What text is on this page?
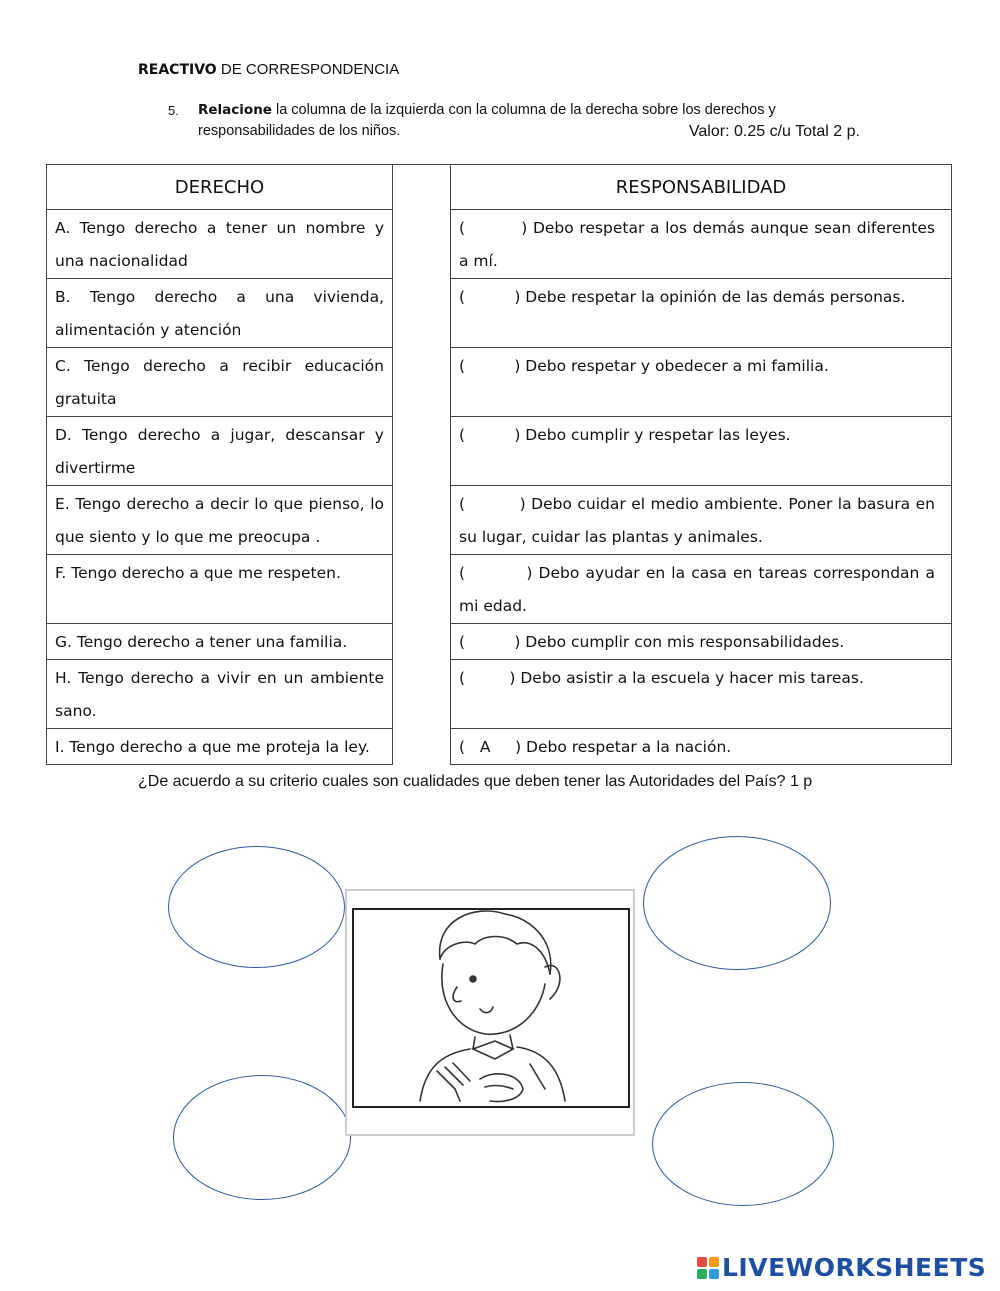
REACTIVO DE CORRESPONDENCIA
5. Relacione la columna de la izquierda con la columna de la derecha sobre los derechos y
responsabilidades de los niños.	Valor: 0.25 c/u Total 2 p.
DERECHO		RESPONSABILIDAD
A. Tengo derecho a tener un nombre y una nacionalidad		(          ) Debo respetar a los demás aunque sean diferentes a mí.
B. Tengo derecho a una vivienda, alimentación y atención		(          ) Debe respetar la opinión de las demás personas.
C. Tengo derecho a recibir educación gratuita		(          ) Debo respetar y obedecer a mi familia.
D. Tengo derecho a jugar, descansar y divertirme		(          ) Debo cumplir y respetar las leyes.
E. Tengo derecho a decir lo que pienso, lo que siento y lo que me preocupa .		(          ) Debo cuidar el medio ambiente. Poner la basura en su lugar, cuidar las plantas y animales.
F. Tengo derecho a que me respeten.		(          ) Debo ayudar en la casa en tareas correspondan a mi edad.
G. Tengo derecho a tener una familia.		(          ) Debo cumplir con mis responsabilidades.
H. Tengo derecho a vivir en un ambiente sano.		(         ) Debo asistir a la escuela y hacer mis tareas.
I. Tengo derecho a que me proteja la ley.		(   A     ) Debo respetar a la nación.
¿De acuerdo a su criterio cuales son cualidades que deben tener las Autoridades del País? 1 p
LIVEWORKSHEETS
